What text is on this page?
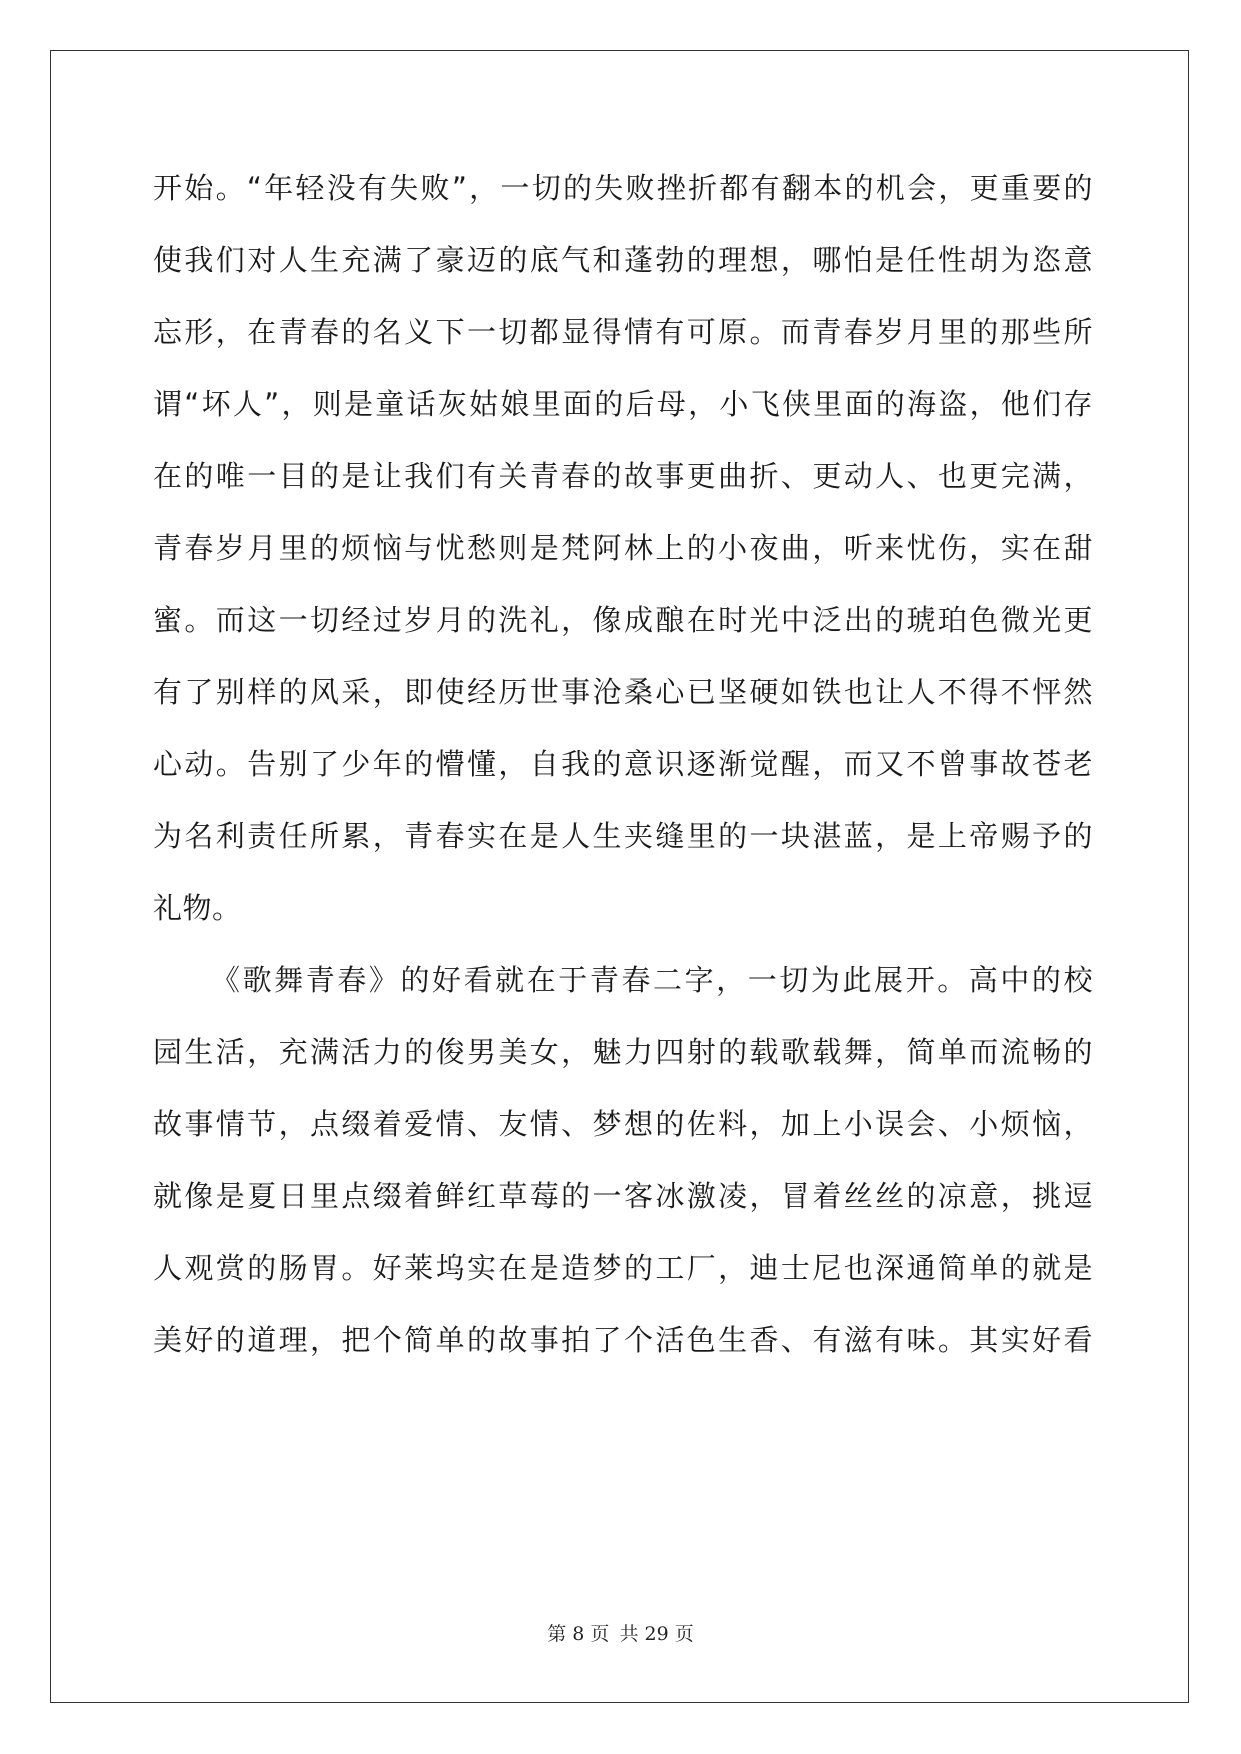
开始。“年轻没有失败”，一切的失败挫折都有翻本的机会，更重要的
使我们对人生充满了豪迈的底气和蓬勃的理想，哪怕是任性胡为恣意
忘形，在青春的名义下一切都显得情有可原。而青春岁月里的那些所
谓“坏人”，则是童话灰姑娘里面的后母，小飞侠里面的海盗，他们存
在的唯一目的是让我们有关青春的故事更曲折、更动人、也更完满，
青春岁月里的烦恼与忧愁则是梵阿林上的小夜曲，听来忧伤，实在甜
蜜。而这一切经过岁月的洗礼，像成酿在时光中泛出的琥珀色微光更
有了别样的风采，即使经历世事沧桑心已坚硬如铁也让人不得不怦然
心动。告别了少年的懵懂，自我的意识逐渐觉醒，而又不曾事故苍老
为名利责任所累，青春实在是人生夹缝里的一块湛蓝，是上帝赐予的
礼物。
《歌舞青春》的好看就在于青春二字，一切为此展开。高中的校
园生活，充满活力的俊男美女，魅力四射的载歌载舞，简单而流畅的
故事情节，点缀着爱情、友情、梦想的佐料，加上小误会、小烦恼，
就像是夏日里点缀着鲜红草莓的一客冰激凌，冒着丝丝的凉意，挑逗
人观赏的肠胃。好莱坞实在是造梦的工厂，迪士尼也深通简单的就是
美好的道理，把个简单的故事拍了个活色生香、有滋有味。其实好看
第 8 页 共 29 页
